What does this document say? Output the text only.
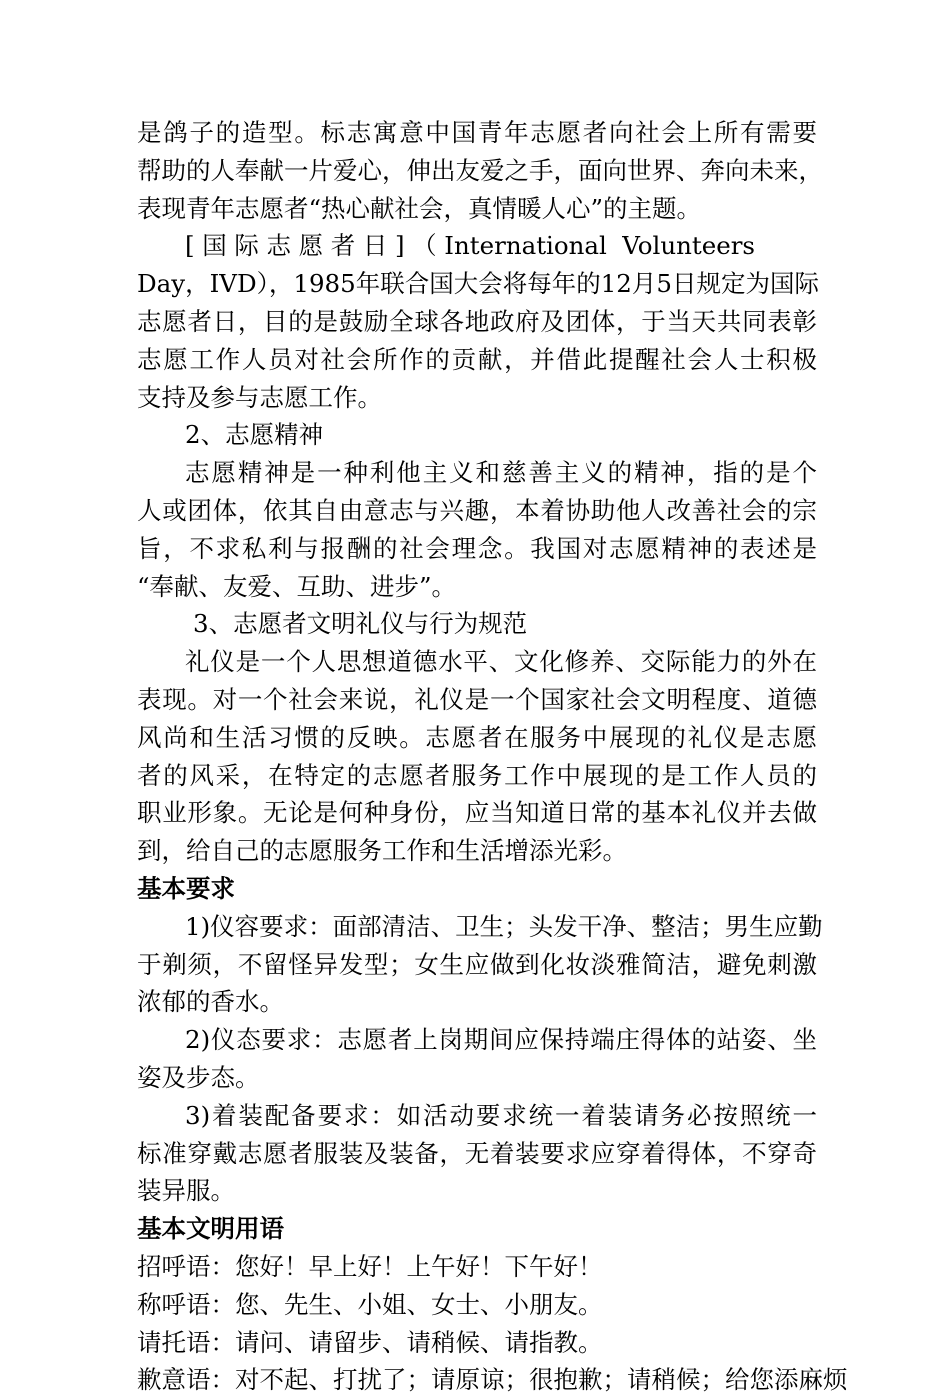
是鸽子的造型。标志寓意中国青年志愿者向社会上所有需要
帮助的人奉献一片爱心，伸出友爱之手，面向世界、奔向未来，
表现青年志愿者“热心献社会，真情暖人心”的主题。
[国际志愿者日]（International Volunteers
Day，IVD），1985年联合国大会将每年的12月5日规定为国际
志愿者日，目的是鼓励全球各地政府及团体，于当天共同表彰
志愿工作人员对社会所作的贡献，并借此提醒社会人士积极
支持及参与志愿工作。
2、志愿精神
志愿精神是一种利他主义和慈善主义的精神，指的是个
人或团体，依其自由意志与兴趣，本着协助他人改善社会的宗
旨，不求私利与报酬的社会理念。我国对志愿精神的表述是
“奉献、友爱、互助、进步”。
3、志愿者文明礼仪与行为规范
礼仪是一个人思想道德水平、文化修养、交际能力的外在
表现。对一个社会来说，礼仪是一个国家社会文明程度、道德
风尚和生活习惯的反映。志愿者在服务中展现的礼仪是志愿
者的风采，在特定的志愿者服务工作中展现的是工作人员的
职业形象。无论是何种身份，应当知道日常的基本礼仪并去做
到，给自己的志愿服务工作和生活增添光彩。
基本要求
1)仪容要求：面部清洁、卫生；头发干净、整洁；男生应勤
于剃须，不留怪异发型；女生应做到化妆淡雅简洁，避免刺激
浓郁的香水。
2)仪态要求：志愿者上岗期间应保持端庄得体的站姿、坐
姿及步态。
3)着装配备要求：如活动要求统一着装请务必按照统一
标准穿戴志愿者服装及装备，无着装要求应穿着得体，不穿奇
装异服。
基本文明用语
招呼语：您好！早上好！上午好！下午好！
称呼语：您、先生、小姐、女士、小朋友。
请托语：请问、请留步、请稍候、请指教。
歉意语：对不起、打扰了；请原谅；很抱歉；请稍候；给您添麻烦
